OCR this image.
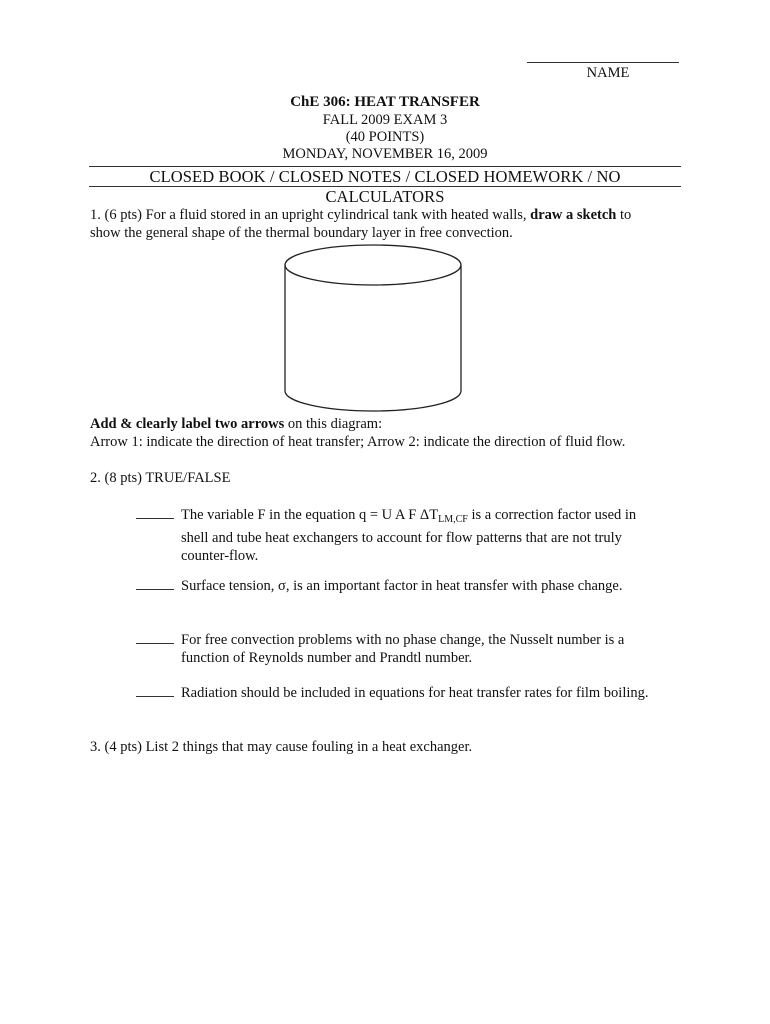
NAME
ChE 306: HEAT TRANSFER
FALL 2009 EXAM 3
(40 POINTS)
MONDAY, NOVEMBER 16, 2009
CLOSED BOOK / CLOSED NOTES / CLOSED HOMEWORK / NO CALCULATORS
1. (6 pts) For a fluid stored in an upright cylindrical tank with heated walls, draw a sketch to
show the general shape of the thermal boundary layer in free convection.
Add & clearly label two arrows on this diagram:
Arrow 1: indicate the direction of heat transfer; Arrow 2: indicate the direction of fluid flow.
2. (8 pts) TRUE/FALSE
The variable F in the equation q = U A F $\Delta T_{LM,CF}$ is a correction factor used in
shell and tube heat exchangers to account for flow patterns that are not truly
counter-flow.
Surface tension, σ, is an important factor in heat transfer with phase change.
For free convection problems with no phase change, the Nusselt number is a
function of Reynolds number and Prandtl number.
Radiation should be included in equations for heat transfer rates for film boiling.
3. (4 pts) List 2 things that may cause fouling in a heat exchanger.
